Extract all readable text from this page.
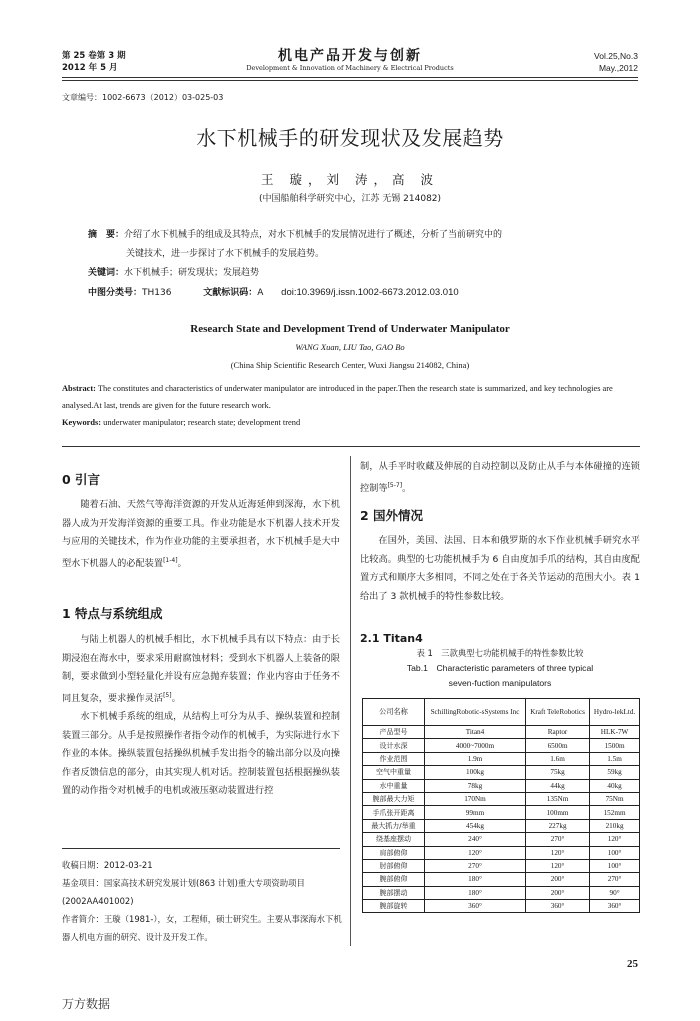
第 25 卷第 3 期
2012 年 5 月
机电产品开发与创新
Development & Innovation of Machinery & Electrical Products
Vol.25,No.3
May.,2012
文章编号：1002-6673（2012）03-025-03
水下机械手的研发现状及发展趋势
王 璇，刘 涛，高 波
(中国船舶科学研究中心，江苏 无锡 214082)
摘　要：介绍了水下机械手的组成及其特点，对水下机械手的发展情况进行了概述，分析了当前研究中的
关键技术，进一步探讨了水下机械手的发展趋势。
关键词：水下机械手；研发现状；发展趋势
中图分类号：TH136	文献标识码：A doi:10.3969/j.issn.1002-6673.2012.03.010
Research State and Development Trend of Underwater Manipulator
WANG Xuan, LIU Tao, GAO Bo
(China Ship Scientific Research Center, Wuxi Jiangsu 214082, China)
Abstract: The constitutes and characteristics of underwater manipulator are introduced in the paper.Then the research state is summarized, and key technologies are analysed.At last, trends are given for the future research work.
Keywords: underwater manipulator; research state; development trend
0 引言

随着石油、天然气等海洋资源的开发从近海延伸到深海，水下机器人成为开发海洋资源的重要工具。作业功能是水下机器人技术开发与应用的关键技术，作为作业功能的主要承担者，水下机械手是大中型水下机器人的必配装置[1-4]。

1 特点与系统组成

与陆上机器人的机械手相比，水下机械手具有以下特点：由于长期浸泡在海水中，要求采用耐腐蚀材料；受到水下机器人上装备的限制，要求做到小型轻量化并设有应急抛弃装置；作业内容由于任务不同且复杂，要求操作灵活[5]。

水下机械手系统的组成，从结构上可分为从手、操纵装置和控制装置三部分。从手是按照操作者指令动作的机械手，为实际进行水下作业的本体。操纵装置包括操纵机械手发出指令的输出部分以及向操作者反馈信息的部分，由其实现人机对话。控制装置包括根据操纵装置的动作指令对机械手的电机或液压驱动装置进行控

收稿日期：2012-03-21
基金项目：国家高技术研究发展计划(863 计划)重大专项资助项目(2002AA401002)
作者简介：王璇（1981-），女，工程师，硕士研究生。主要从事深海水下机器人机电方面的研究、设计及开发工作。

制，从手平时收藏及伸展的自动控制以及防止从手与本体碰撞的连锁控制等[5-7]。

2 国外情况

在国外，美国、法国、日本和俄罗斯的水下作业机械手研究水平比较高。典型的七功能机械手为 6 自由度加手爪的结构，其自由度配置方式和顺序大多相同，不同之处在于各关节运动的范围大小。表 1 给出了 3 款机械手的特性参数比较。

2.1 Titan4
表 1　三款典型七功能机械手的特性参数比较
Tab.1　Characteristic parameters of three typical
seven-fuction manipulators
公司名称	SchillingRobotic-sSystems Inc	Kraft TeleRobotics	Hydro-lekLtd.
产品型号	Titan4	Raptor	HLK-7W
设计水深	4000~7000m	6500m	1500m
作业范围	1.9m	1.6m	1.5m
空气中重量	100kg	75kg	59kg
水中重量	78kg	44kg	40kg
腕部最大力矩	170Nm	135Nm	75Nm
手爪张开距离	99mm	100mm	152mm
最大抓力/举重	454kg	227kg	210kg
绕基座摆动	240°	270°	120°
肩部俯仰	120°	120°	100°
肘部俯仰	270°	120°	100°
腕部俯仰	180°	200°	270°
腕部摆动	180°	200°	90°
腕部旋转	360°	360°	360°
25
万方数据
